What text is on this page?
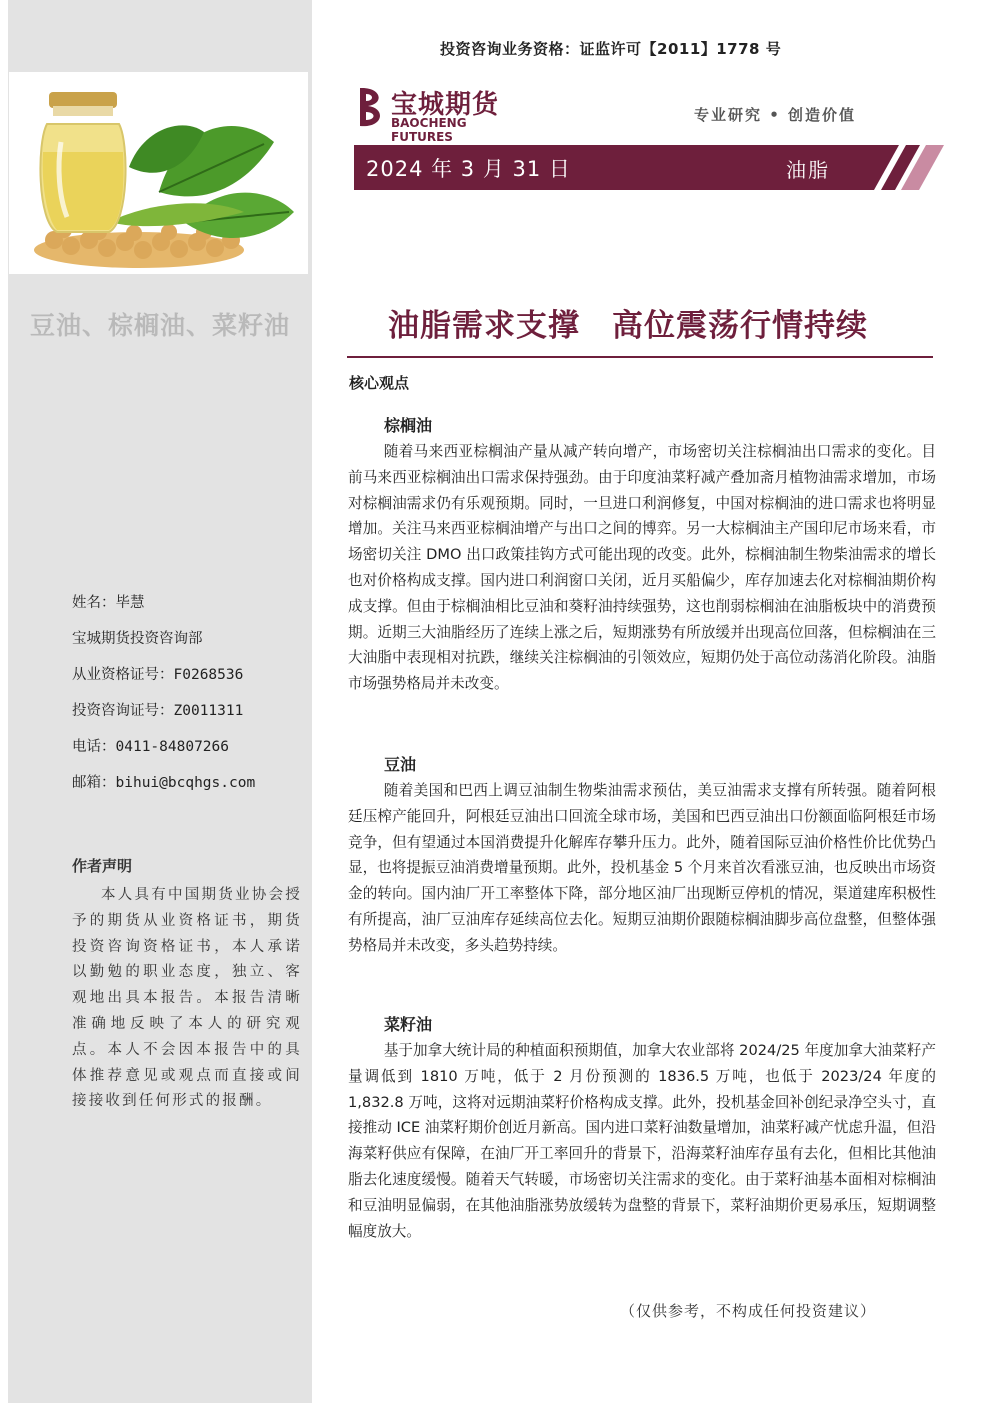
豆油、棕榈油、菜籽油
姓名：毕慧
宝城期货投资咨询部
从业资格证号：F0268536
投资咨询证号：Z0011311
电话：0411-84807266
邮箱：bihui@bcqhgs.com
作者声明
本人具有中国期货业协会授予的期货从业资格证书，期货投资咨询资格证书，本人承诺以勤勉的职业态度，独立、客观地出具本报告。本报告清晰准确地反映了本人的研究观点。本人不会因本报告中的具体推荐意见或观点而直接或间接接收到任何形式的报酬。
投资咨询业务资格：证监许可【2011】1778 号
宝城期货
BAOCHENG FUTURES
专业研究 • 创造价值
2024 年 3 月 31 日	油脂
油脂需求支撑　高位震荡行情持续
核心观点
棕榈油
随着马来西亚棕榈油产量从减产转向增产，市场密切关注棕榈油出口需求的变化。目前马来西亚棕榈油出口需求保持强劲。由于印度油菜籽减产叠加斋月植物油需求增加，市场对棕榈油需求仍有乐观预期。同时，一旦进口利润修复，中国对棕榈油的进口需求也将明显增加。关注马来西亚棕榈油增产与出口之间的博弈。另一大棕榈油主产国印尼市场来看，市场密切关注 DMO 出口政策挂钩方式可能出现的改变。此外，棕榈油制生物柴油需求的增长也对价格构成支撑。国内进口利润窗口关闭，近月买船偏少，库存加速去化对棕榈油期价构成支撑。但由于棕榈油相比豆油和葵籽油持续强势，这也削弱棕榈油在油脂板块中的消费预期。近期三大油脂经历了连续上涨之后，短期涨势有所放缓并出现高位回落，但棕榈油在三大油脂中表现相对抗跌，继续关注棕榈油的引领效应，短期仍处于高位动荡消化阶段。油脂市场强势格局并未改变。
豆油
随着美国和巴西上调豆油制生物柴油需求预估，美豆油需求支撑有所转强。随着阿根廷压榨产能回升，阿根廷豆油出口回流全球市场，美国和巴西豆油出口份额面临阿根廷市场竞争，但有望通过本国消费提升化解库存攀升压力。此外，随着国际豆油价格性价比优势凸显，也将提振豆油消费增量预期。此外，投机基金 5 个月来首次看涨豆油，也反映出市场资金的转向。国内油厂开工率整体下降，部分地区油厂出现断豆停机的情况，渠道建库积极性有所提高，油厂豆油库存延续高位去化。短期豆油期价跟随棕榈油脚步高位盘整，但整体强势格局并未改变，多头趋势持续。
菜籽油
基于加拿大统计局的种植面积预期值，加拿大农业部将 2024/25 年度加拿大油菜籽产量调低到 1810 万吨，低于 2 月份预测的 1836.5 万吨，也低于 2023/24 年度的 1,832.8 万吨，这将对远期油菜籽价格构成支撑。此外，投机基金回补创纪录净空头寸，直接推动 ICE 油菜籽期价创近月新高。国内进口菜籽油数量增加，油菜籽减产忧虑升温，但沿海菜籽供应有保障，在油厂开工率回升的背景下，沿海菜籽油库存虽有去化，但相比其他油脂去化速度缓慢。随着天气转暖，市场密切关注需求的变化。由于菜籽油基本面相对棕榈油和豆油明显偏弱，在其他油脂涨势放缓转为盘整的背景下，菜籽油期价更易承压，短期调整幅度放大。
（仅供参考，不构成任何投资建议）
